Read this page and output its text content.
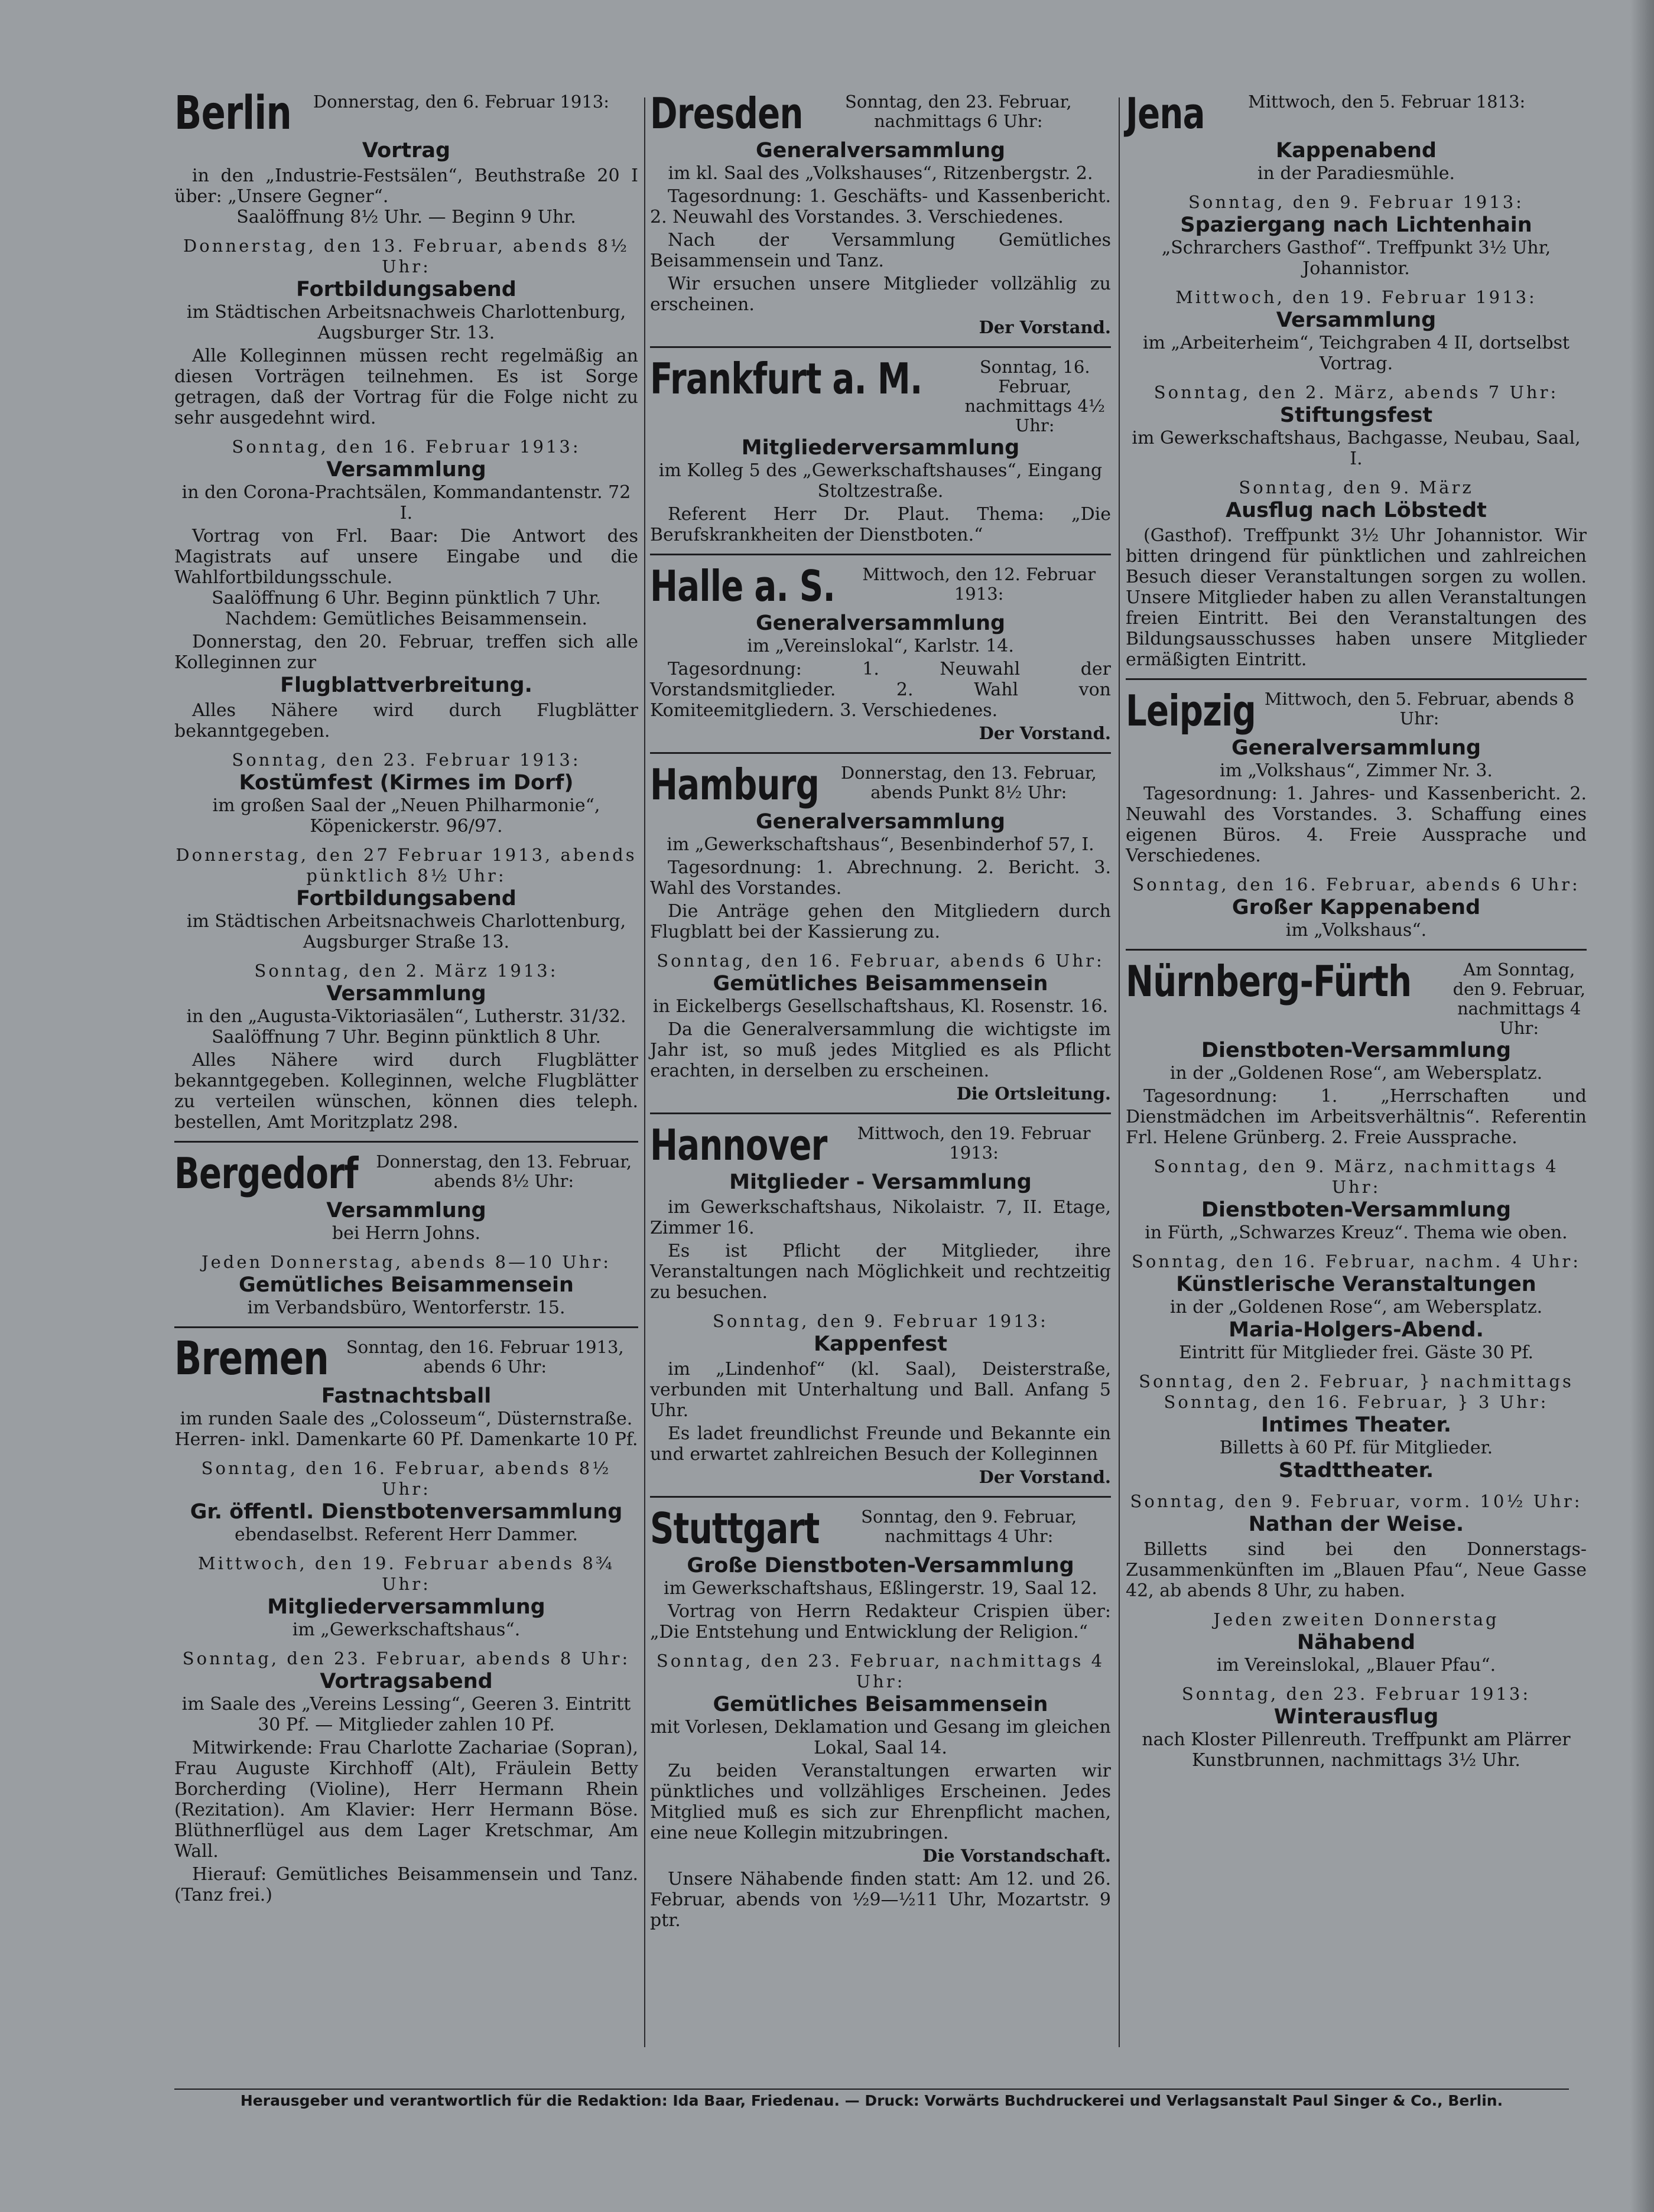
Berlin	Donnerstag, den 6. Februar 1913:
Vortrag
in den „Industrie-Festsälen“, Beuthstraße 20 I über: „Unsere Gegner“.
Saalöffnung 8½ Uhr. — Beginn 9 Uhr.
Donnerstag, den 13. Februar, abends 8½ Uhr:
Fortbildungsabend
im Städtischen Arbeitsnachweis Charlottenburg, Augsburger Str. 13.
Alle Kolleginnen müssen recht regelmäßig an diesen Vorträgen teilnehmen. Es ist Sorge getragen, daß der Vortrag für die Folge nicht zu sehr ausgedehnt wird.
Sonntag, den 16. Februar 1913:
Versammlung
in den Corona-Prachtsälen, Kommandantenstr. 72 I.
Vortrag von Frl. Baar: Die Antwort des Magistrats auf unsere Eingabe und die Wahlfortbildungsschule.
Saalöffnung 6 Uhr. Beginn pünktlich 7 Uhr.
Nachdem: Gemütliches Beisammensein.
Donnerstag, den 20. Februar, treffen sich alle Kolleginnen zur
Flugblattverbreitung.
Alles Nähere wird durch Flugblätter bekanntgegeben.
Sonntag, den 23. Februar 1913:
Kostümfest (Kirmes im Dorf)
im großen Saal der „Neuen Philharmonie“, Köpenickerstr. 96/97.
Donnerstag, den 27 Februar 1913, abends pünktlich 8½ Uhr:
Fortbildungsabend
im Städtischen Arbeitsnachweis Charlottenburg, Augsburger Straße 13.
Sonntag, den 2. März 1913:
Versammlung
in den „Augusta-Viktoriasälen“, Lutherstr. 31/32.
Saalöffnung 7 Uhr. Beginn pünktlich 8 Uhr.
Alles Nähere wird durch Flugblätter bekanntgegeben. Kolleginnen, welche Flugblätter zu verteilen wünschen, können dies teleph. bestellen, Amt Moritzplatz 298.
Bergedorf	Donnerstag, den 13. Februar, abends 8½ Uhr:
Versammlung
bei Herrn Johns.
Jeden Donnerstag, abends 8—10 Uhr:
Gemütliches Beisammensein
im Verbandsbüro, Wentorferstr. 15.
Bremen	Sonntag, den 16. Februar 1913, abends 6 Uhr:
Fastnachtsball
im runden Saale des „Colosseum“, Düsternstraße.
Herren- inkl. Damenkarte 60 Pf. Damenkarte 10 Pf.
Sonntag, den 16. Februar, abends 8½ Uhr:
Gr. öffentl. Dienstbotenversammlung
ebendaselbst. Referent Herr Dammer.
Mittwoch, den 19. Februar abends 8¾ Uhr:
Mitgliederversammlung
im „Gewerkschaftshaus“.
Sonntag, den 23. Februar, abends 8 Uhr:
Vortragsabend
im Saale des „Vereins Lessing“, Geeren 3. Eintritt 30 Pf. — Mitglieder zahlen 10 Pf.
Mitwirkende: Frau Charlotte Zachariae (Sopran), Frau Auguste Kirchhoff (Alt), Fräulein Betty Borcherding (Violine), Herr Hermann Rhein (Rezitation). Am Klavier: Herr Hermann Böse. Blüthnerflügel aus dem Lager Kretschmar, Am Wall.
Hierauf: Gemütliches Beisammensein und Tanz. (Tanz frei.)
Dresden	Sonntag, den 23. Februar, nachmittags 6 Uhr:
Generalversammlung
im kl. Saal des „Volkshauses“, Ritzenbergstr. 2.
Tagesordnung: 1. Geschäfts- und Kassenbericht. 2. Neuwahl des Vorstandes. 3. Verschiedenes.
Nach der Versammlung Gemütliches Beisammensein und Tanz.
Wir ersuchen unsere Mitglieder vollzählig zu erscheinen.
Der Vorstand.
Frankfurt a. M.	Sonntag, 16. Februar, nachmittags 4½ Uhr:
Mitgliederversammlung
im Kolleg 5 des „Gewerkschaftshauses“, Eingang Stoltzestraße.
Referent Herr Dr. Plaut. Thema: „Die Berufskrankheiten der Dienstboten.“
Halle a. S.	Mittwoch, den 12. Februar 1913:
Generalversammlung
im „Vereinslokal“, Karlstr. 14.
Tagesordnung: 1. Neuwahl der Vorstandsmitglieder. 2. Wahl von Komiteemitgliedern. 3. Verschiedenes.
Der Vorstand.
Hamburg	Donnerstag, den 13. Februar, abends Punkt 8½ Uhr:
Generalversammlung
im „Gewerkschaftshaus“, Besenbinderhof 57, I.
Tagesordnung: 1. Abrechnung. 2. Bericht. 3. Wahl des Vorstandes.
Die Anträge gehen den Mitgliedern durch Flugblatt bei der Kassierung zu.
Sonntag, den 16. Februar, abends 6 Uhr:
Gemütliches Beisammensein
in Eickelbergs Gesellschaftshaus, Kl. Rosenstr. 16.
Da die Generalversammlung die wichtigste im Jahr ist, so muß jedes Mitglied es als Pflicht erachten, in derselben zu erscheinen.
Die Ortsleitung.
Hannover	Mittwoch, den 19. Februar 1913:
Mitglieder - Versammlung
im Gewerkschaftshaus, Nikolaistr. 7, II. Etage, Zimmer 16.
Es ist Pflicht der Mitglieder, ihre Veranstaltungen nach Möglichkeit und rechtzeitig zu besuchen.
Sonntag, den 9. Februar 1913:
Kappenfest
im „Lindenhof“ (kl. Saal), Deisterstraße, verbunden mit Unterhaltung und Ball. Anfang 5 Uhr.
Es ladet freundlichst Freunde und Bekannte ein und erwartet zahlreichen Besuch der Kolleginnen
Der Vorstand.
Stuttgart	Sonntag, den 9. Februar, nachmittags 4 Uhr:
Große Dienstboten-Versammlung
im Gewerkschaftshaus, Eßlingerstr. 19, Saal 12.
Vortrag von Herrn Redakteur Crispien über: „Die Entstehung und Entwicklung der Religion.“
Sonntag, den 23. Februar, nachmittags 4 Uhr:
Gemütliches Beisammensein
mit Vorlesen, Deklamation und Gesang im gleichen Lokal, Saal 14.
Zu beiden Veranstaltungen erwarten wir pünktliches und vollzähliges Erscheinen. Jedes Mitglied muß es sich zur Ehrenpflicht machen, eine neue Kollegin mitzubringen.
Die Vorstandschaft.
Unsere Nähabende finden statt: Am 12. und 26. Februar, abends von ½9—½11 Uhr, Mozartstr. 9 ptr.
Jena	Mittwoch, den 5. Februar 1813:
Kappenabend
in der Paradiesmühle.
Sonntag, den 9. Februar 1913:
Spaziergang nach Lichtenhain
„Schrarchers Gasthof“. Treffpunkt 3½ Uhr, Johannistor.
Mittwoch, den 19. Februar 1913:
Versammlung
im „Arbeiterheim“, Teichgraben 4 II, dortselbst Vortrag.
Sonntag, den 2. März, abends 7 Uhr:
Stiftungsfest
im Gewerkschaftshaus, Bachgasse, Neubau, Saal, I.
Sonntag, den 9. März
Ausflug nach Löbstedt
(Gasthof). Treffpunkt 3½ Uhr Johannistor. Wir bitten dringend für pünktlichen und zahlreichen Besuch dieser Veranstaltungen sorgen zu wollen. Unsere Mitglieder haben zu allen Veranstaltungen freien Eintritt. Bei den Veranstaltungen des Bildungsausschusses haben unsere Mitglieder ermäßigten Eintritt.
Leipzig Mittwoch, den 5. Februar, abends 8 Uhr:
Generalversammlung
im „Volkshaus“, Zimmer Nr. 3.
Tagesordnung: 1. Jahres- und Kassenbericht. 2. Neuwahl des Vorstandes. 3. Schaffung eines eigenen Büros. 4. Freie Aussprache und Verschiedenes.
Sonntag, den 16. Februar, abends 6 Uhr:
Großer Kappenabend
im „Volkshaus“.
Nürnberg-Fürth	Am Sonntag, den 9. Februar, nachmittags 4 Uhr:
Dienstboten-Versammlung
in der „Goldenen Rose“, am Webersplatz.
Tagesordnung: 1. „Herrschaften und Dienstmädchen im Arbeitsverhältnis“. Referentin Frl. Helene Grünberg. 2. Freie Aussprache.
Sonntag, den 9. März, nachmittags 4 Uhr:
Dienstboten-Versammlung
in Fürth, „Schwarzes Kreuz“. Thema wie oben.
Sonntag, den 16. Februar, nachm. 4 Uhr:
Künstlerische Veranstaltungen
in der „Goldenen Rose“, am Webersplatz.
Maria-Holgers-Abend.
Eintritt für Mitglieder frei. Gäste 30 Pf.
Sonntag, den 2. Februar, } nachmittags Sonntag, den 16. Februar, } 3 Uhr:
Intimes Theater.
Billetts à 60 Pf. für Mitglieder.
Stadttheater.
Sonntag, den 9. Februar, vorm. 10½ Uhr:
Nathan der Weise.
Billetts sind bei den Donnerstags-Zusammenkünften im „Blauen Pfau“, Neue Gasse 42, ab abends 8 Uhr, zu haben.
Jeden zweiten Donnerstag
Nähabend
im Vereinslokal, „Blauer Pfau“.
Sonntag, den 23. Februar 1913:
Winterausflug
nach Kloster Pillenreuth. Treffpunkt am Plärrer Kunstbrunnen, nachmittags 3½ Uhr.
Herausgeber und verantwortlich für die Redaktion: Ida Baar, Friedenau. — Druck: Vorwärts Buchdruckerei und Verlagsanstalt Paul Singer & Co., Berlin.
